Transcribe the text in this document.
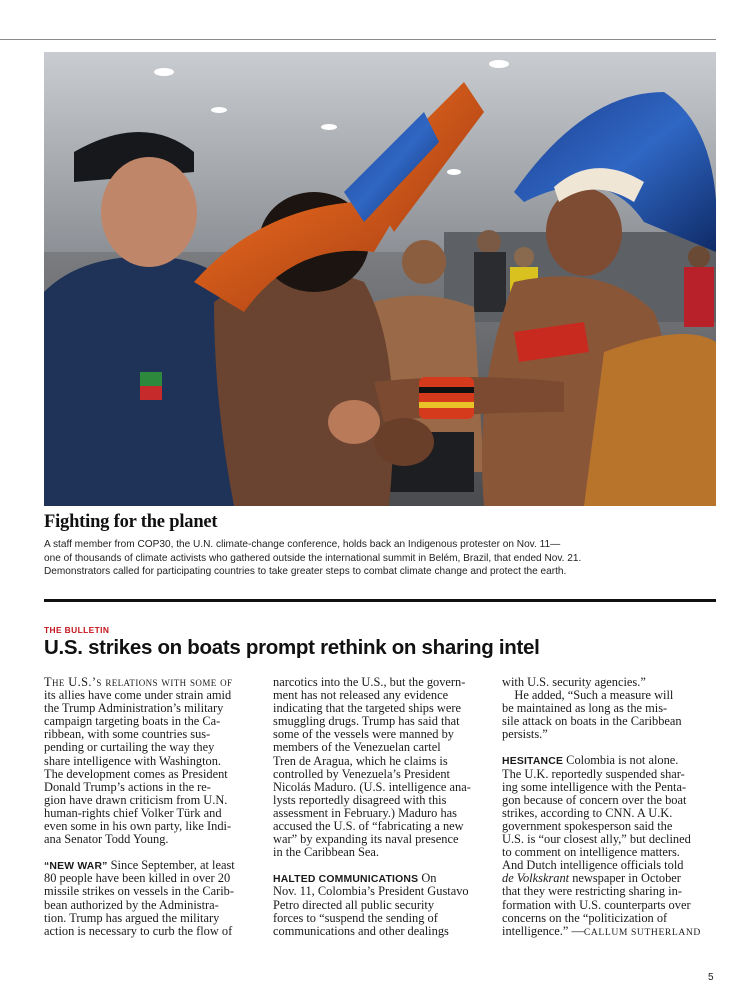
Fighting for the planet

A staff member from COP30, the U.N. climate-change conference, holds back an Indigenous protester on Nov. 11—
one of thousands of climate activists who gathered outside the international summit in Belém, Brazil, that ended Nov. 21.
Demonstrators called for participating countries to take greater steps to combat climate change and protect the earth.

THE BULLETIN
U.S. strikes on boats prompt rethink on sharing intel
The U.S.’s relations with some of
its allies have come under strain amid
the Trump Administration’s military
campaign targeting boats in the Ca-
ribbean, with some countries sus-
pending or curtailing the way they
share intelligence with Washington.
The development comes as President
Donald Trump’s actions in the re-
gion have drawn criticism from U.N.
human-rights chief Volker Türk and
even some in his own party, like Indi-
ana Senator Todd Young.
“NEW WAR” Since September, at least
80 people have been killed in over 20
missile strikes on vessels in the Carib-
bean authorized by the Administra-
tion. Trump has argued the military
action is necessary to curb the flow of
narcotics into the U.S., but the govern-
ment has not released any evidence
indicating that the targeted ships were
smuggling drugs. Trump has said that
some of the vessels were manned by
members of the Venezuelan cartel
Tren de Aragua, which he claims is
controlled by Venezuela’s President
Nicolás Maduro. (U.S. intelligence ana-
lysts reportedly disagreed with this
assessment in February.) Maduro has
accused the U.S. of “fabricating a new
war” by expanding its naval presence
in the Caribbean Sea.
HALTED COMMUNICATIONS On
Nov. 11, Colombia’s President Gustavo
Petro directed all public security
forces to “suspend the sending of
communications and other dealings
with U.S. security agencies.”
He added, “Such a measure will
be maintained as long as the mis-
sile attack on boats in the Caribbean
persists.”
HESITANCE Colombia is not alone.
The U.K. reportedly suspended shar-
ing some intelligence with the Penta-
gon because of concern over the boat
strikes, according to CNN. A U.K.
government spokesperson said the
U.S. is “our closest ally,” but declined
to comment on intelligence matters.
And Dutch intelligence officials told
de Volkskrant newspaper in October
that they were restricting sharing in-
formation with U.S. counterparts over
concerns on the “politicization of
intelligence.” —CALLUM SUTHERLAND
5
